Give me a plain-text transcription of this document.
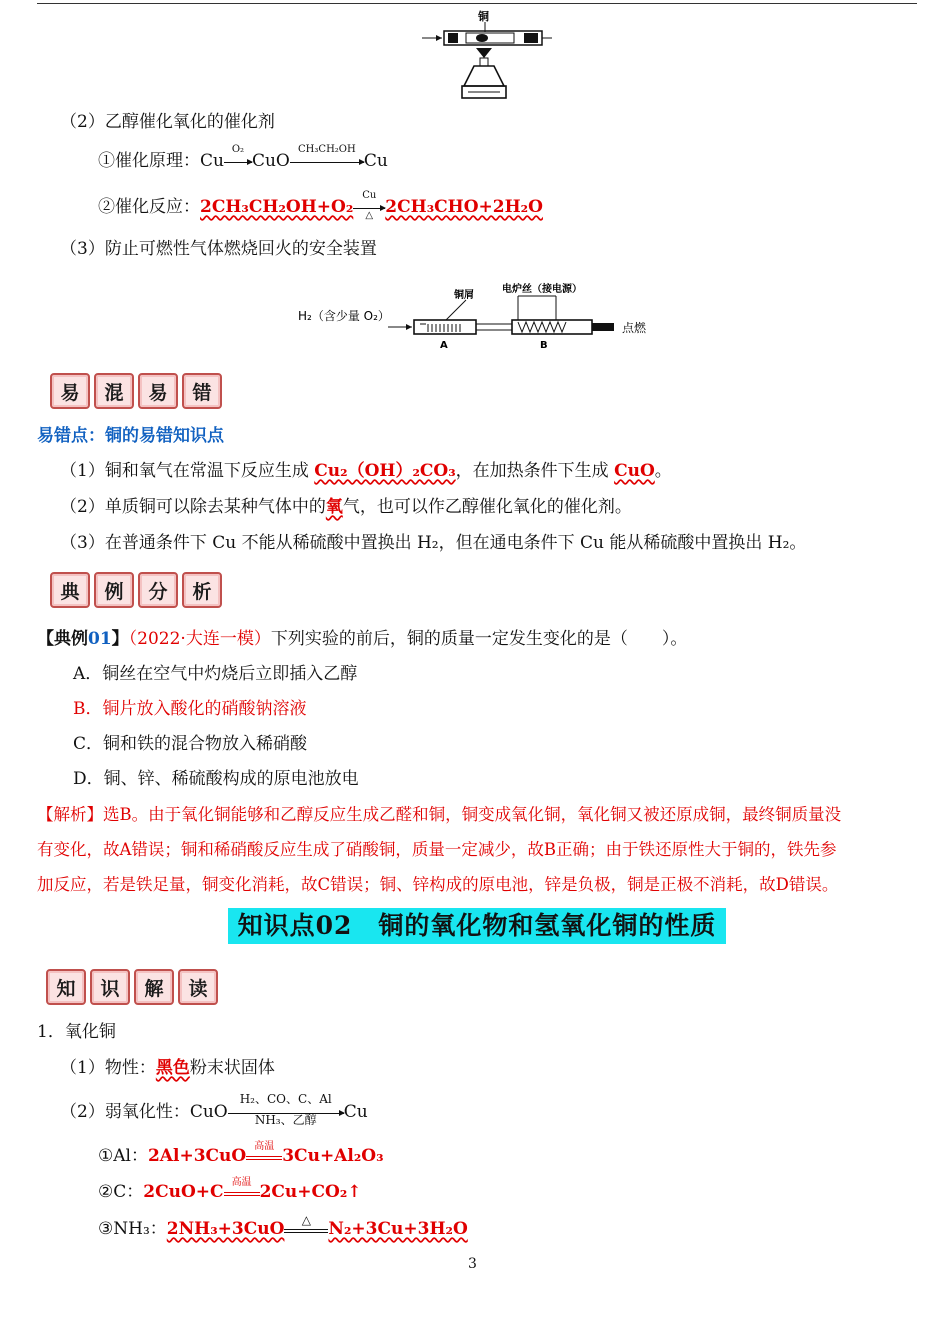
铜
（2）乙醇催化氧化的催化剂
①催化原理：Cu
O₂
CuO
CH₃CH₂OH
Cu
②催化反应：2CH₃CH₂OH+O₂
Cu
△ 2CH₃CHO+2H₂O
（3）防止可燃性气体燃烧回火的安全装置
H₂（含少量 O₂）
铜屑
电炉丝（接电源）
A	B
点燃
易	混	易	错
易错点：铜的易错知识点
（1）铜和氧气在常温下反应生成 Cu₂（OH）₂CO₃，在加热条件下生成 CuO。
（2）单质铜可以除去某种气体中的氧气，也可以作乙醇催化氧化的催化剂。
（3）在普通条件下 Cu 不能从稀硫酸中置换出 H₂，但在通电条件下 Cu 能从稀硫酸中置换出 H₂。
典	例	分	析
【典例01】（2022·大连一模）下列实验的前后，铜的质量一定发生变化的是（　　）。
A．铜丝在空气中灼烧后立即插入乙醇
B．铜片放入酸化的硝酸钠溶液
C．铜和铁的混合物放入稀硝酸
D．铜、锌、稀硫酸构成的原电池放电
【解析】选B。由于氧化铜能够和乙醇反应生成乙醛和铜，铜变成氧化铜，氧化铜又被还原成铜，最终铜质量没
有变化，故A错误；铜和稀硝酸反应生成了硝酸铜，质量一定减少，故B正确；由于铁还原性大于铜的，铁先参
加反应，若是铁足量，铜变化消耗，故C错误；铜、锌构成的原电池，锌是负极，铜是正极不消耗，故D错误。
知识点02　铜的氧化物和氢氧化铜的性质
知	识	解	读
1．氧化铜
（1）物性：黑色粉末状固体
（2）弱氧化性：CuO
H₂、CO、C、Al
NH₃、乙醇	Cu
①Al：2Al+3CuO 高温 3Cu+Al₂O₃
②C：2CuO+C 高温 2Cu+CO₂↑
③NH₃：2NH₃+3CuO	△	N₂+3Cu+3H₂O
3
